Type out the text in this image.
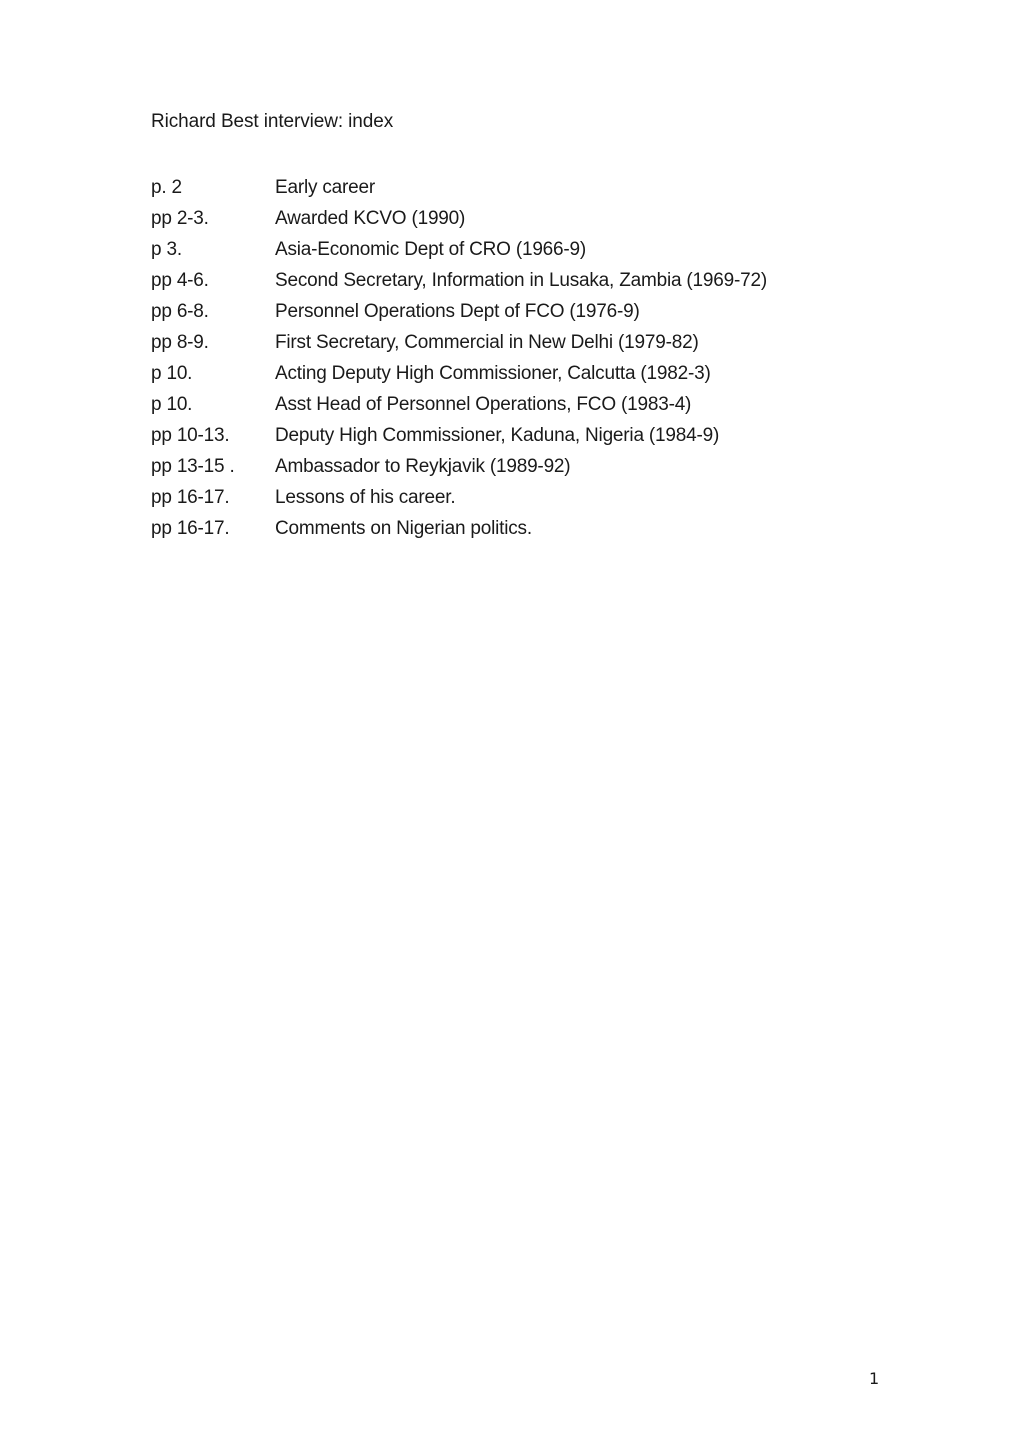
Richard Best interview: index
p. 2	Early career
pp 2-3.	Awarded KCVO (1990)
p 3.	Asia-Economic Dept of CRO (1966-9)
pp 4-6.	Second Secretary, Information in Lusaka, Zambia (1969-72)
pp 6-8.	Personnel Operations Dept of FCO (1976-9)
pp 8-9.	First Secretary, Commercial in New Delhi (1979-82)
p 10.	Acting Deputy High Commissioner, Calcutta (1982-3)
p 10.	Asst Head of Personnel Operations, FCO (1983-4)
pp 10-13.	Deputy High Commissioner, Kaduna, Nigeria (1984-9)
pp 13-15 .	Ambassador to Reykjavik (1989-92)
pp 16-17.	Lessons of his career.
pp 16-17.	Comments on Nigerian politics.
1
